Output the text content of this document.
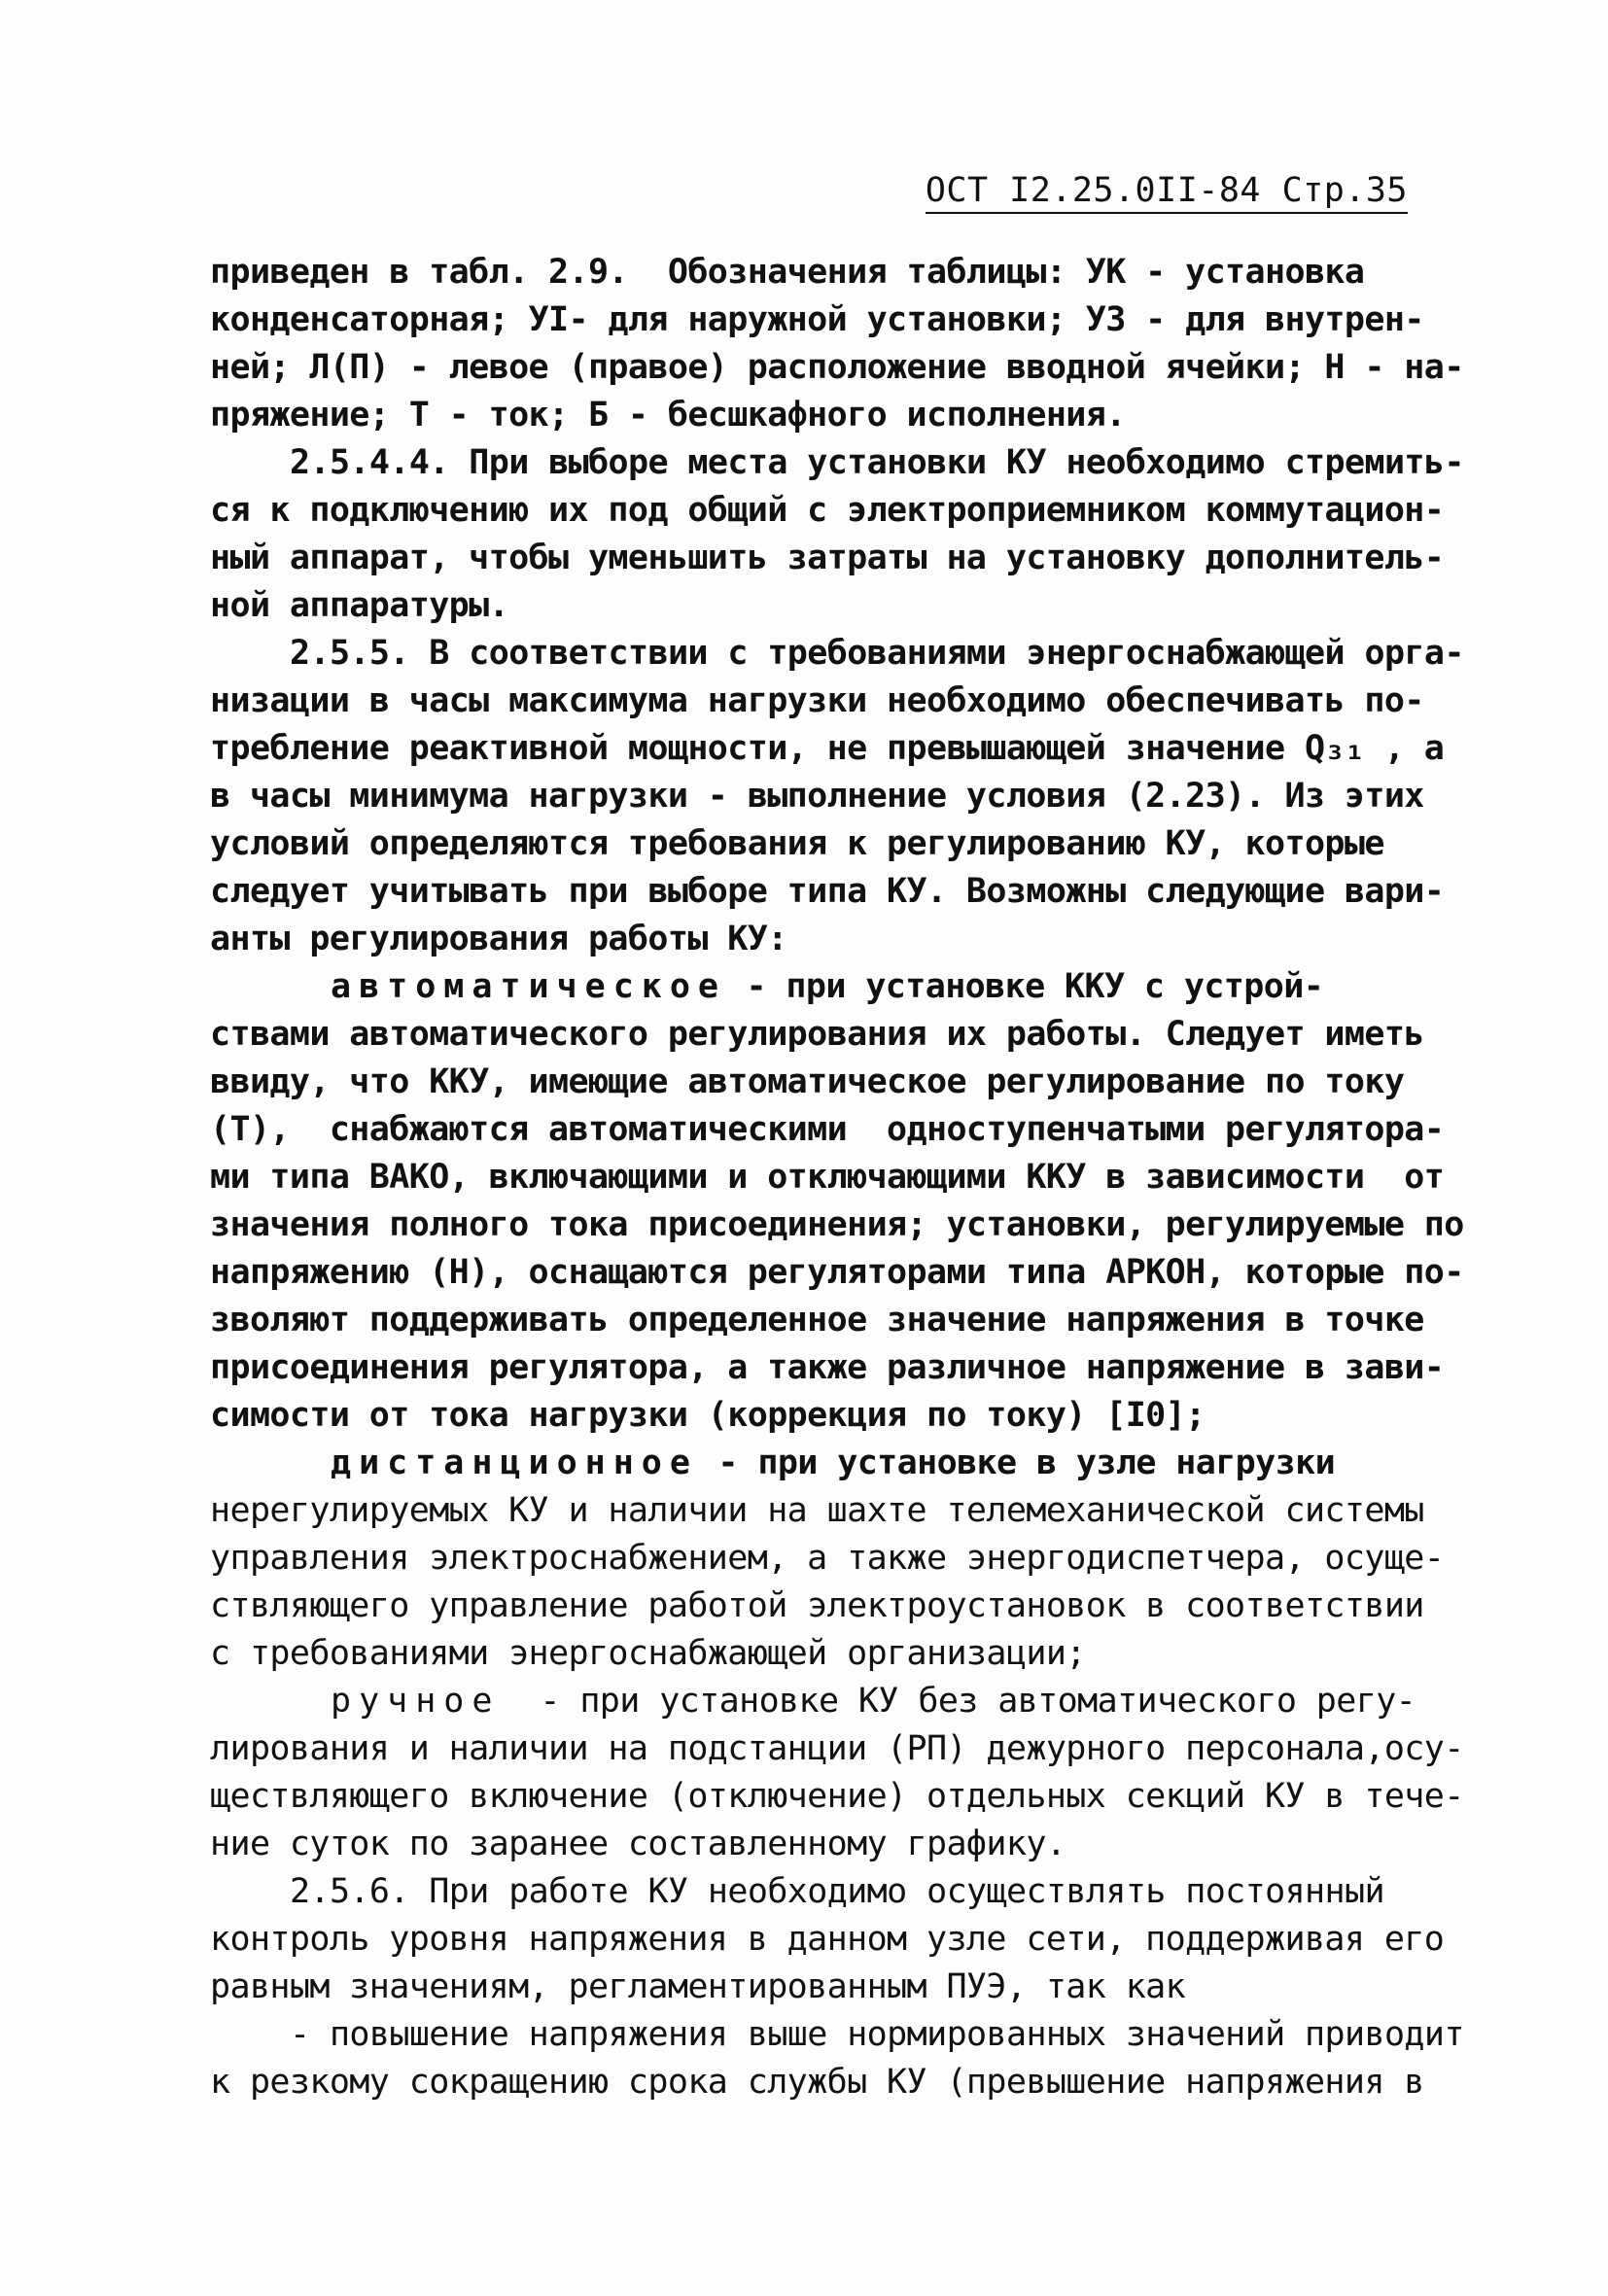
ОСТ I2.25.0II-84 Стр.35
приведен в табл. 2.9.  Обозначения таблицы: УК - установка
конденсаторная; УI- для наружной установки; УЗ - для внутрен-
ней; Л(П) - левое (правое) расположение вводной ячейки; Н - на-
пряжение; Т - ток; Б - бесшкафного исполнения.
2.5.4.4. При выборе места установки КУ необходимо стремить-
ся к подключению их под общий с электроприемником коммутацион-
ный аппарат, чтобы уменьшить затраты на установку дополнитель-
ной аппаратуры.
2.5.5. В соответствии с требованиями энергоснабжающей орга-
низации в часы максимума нагрузки необходимо обеспечивать по-
требление реактивной мощности, не превышающей значение Q₃₁ , а
в часы минимума нагрузки - выполнение условия (2.23). Из этих
условий определяются требования к регулированию КУ, которые
следует учитывать при выборе типа КУ. Возможны следующие вари-
анты регулирования работы КУ:
автоматическое - при установке ККУ с устрой-
ствами автоматического регулирования их работы. Следует иметь
ввиду, что ККУ, имеющие автоматическое регулирование по току
(Т),  снабжаются автоматическими  одноступенчатыми регулятора-
ми типа ВАКО, включающими и отключающими ККУ в зависимости  от
значения полного тока присоединения; установки, регулируемые по
напряжению (Н), оснащаются регуляторами типа АРКОН, которые по-
зволяют поддерживать определенное значение напряжения в точке
присоединения регулятора, а также различное напряжение в зави-
симости от тока нагрузки (коррекция по току) [I0];
дистанционное - при установке в узле нагрузки
нерегулируемых КУ и наличии на шахте телемеханической системы
управления электроснабжением, а также энергодиспетчера, осуще-
ствляющего управление работой электроустановок в соответствии
с требованиями энергоснабжающей организации;
ручное  - при установке КУ без автоматического регу-
лирования и наличии на подстанции (РП) дежурного персонала,осу-
ществляющего включение (отключение) отдельных секций КУ в тече-
ние суток по заранее составленному графику.
2.5.6. При работе КУ необходимо осуществлять постоянный
контроль уровня напряжения в данном узле сети, поддерживая его
равным значениям, регламентированным ПУЭ, так как
- повышение напряжения выше нормированных значений приводит
к резкому сокращению срока службы КУ (превышение напряжения в
